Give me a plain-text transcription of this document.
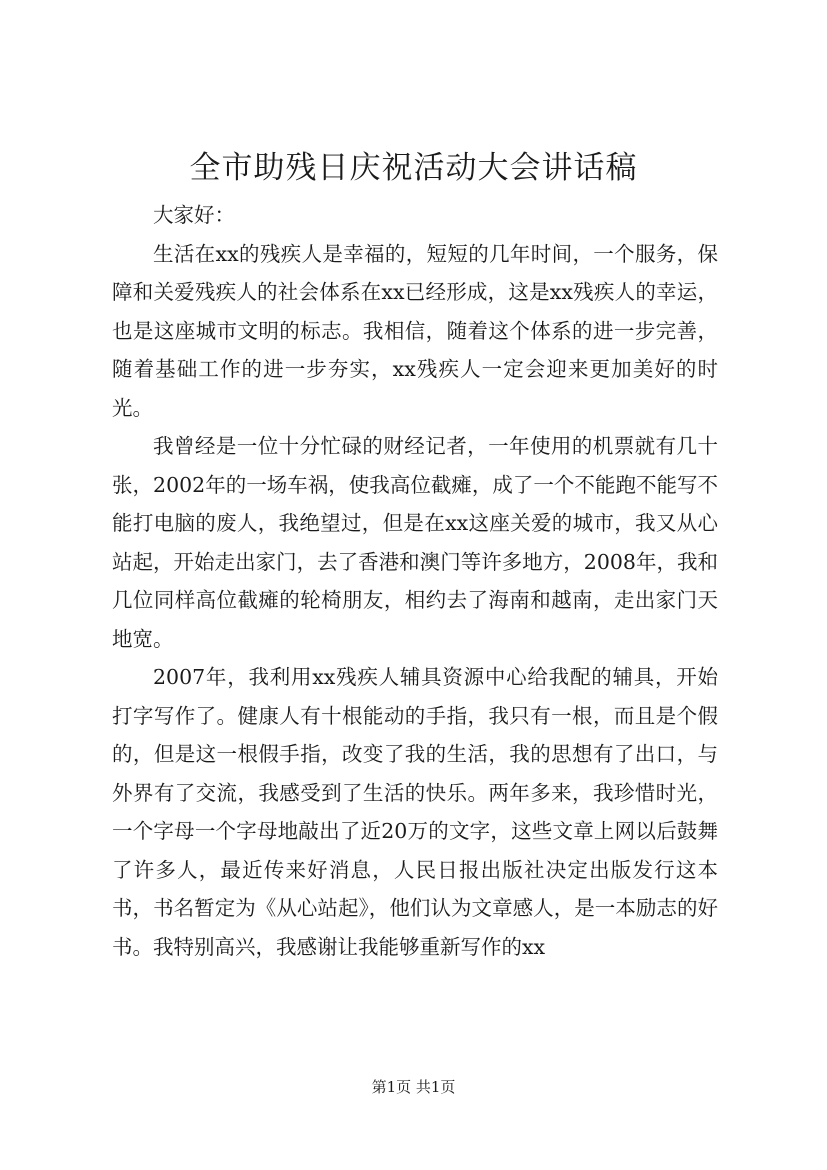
全市助残日庆祝活动大会讲话稿

大家好：

生活在xx的残疾人是幸福的，短短的几年时间，一个服务，保障和关爱残疾人的社会体系在xx已经形成，这是xx残疾人的幸运，也是这座城市文明的标志。我相信，随着这个体系的进一步完善，随着基础工作的进一步夯实，xx残疾人一定会迎来更加美好的时光。

我曾经是一位十分忙碌的财经记者，一年使用的机票就有几十张，2002年的一场车祸，使我高位截瘫，成了一个不能跑不能写不能打电脑的废人，我绝望过，但是在xx这座关爱的城市，我又从心站起，开始走出家门，去了香港和澳门等许多地方，2008年，我和几位同样高位截瘫的轮椅朋友，相约去了海南和越南，走出家门天地宽。

2007年，我利用xx残疾人辅具资源中心给我配的辅具，开始打字写作了。健康人有十根能动的手指，我只有一根，而且是个假的，但是这一根假手指，改变了我的生活，我的思想有了出口，与外界有了交流，我感受到了生活的快乐。两年多来，我珍惜时光，一个字母一个字母地敲出了近20万的文字，这些文章上网以后鼓舞了许多人，最近传来好消息，人民日报出版社决定出版发行这本书，书名暂定为《从心站起》，他们认为文章感人，是一本励志的好书。我特别高兴，我感谢让我能够重新写作的xx

第1页 共1页
